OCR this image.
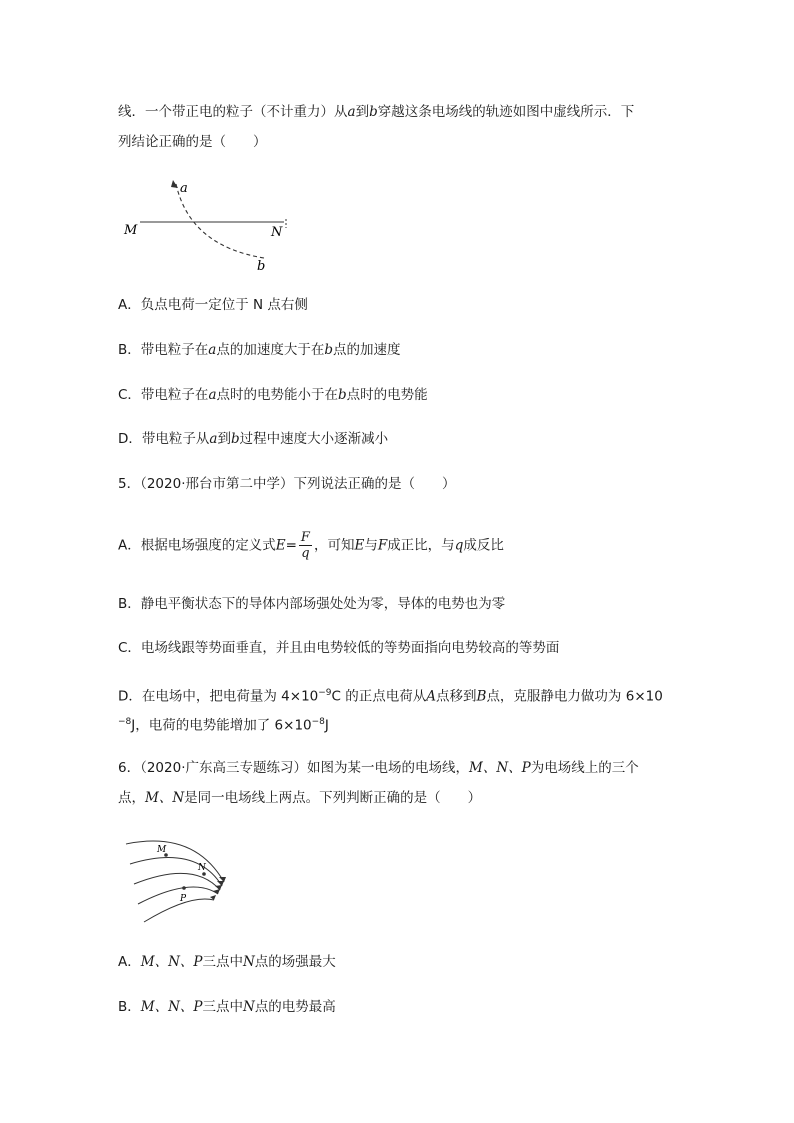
线．一个带正电的粒子（不计重力）从a到b穿越这条电场线的轨迹如图中虚线所示．下
列结论正确的是（　　）
a
M	N
b
A．负点电荷一定位于 N 点右侧
B．带电粒子在a点的加速度大于在b点的加速度
C．带电粒子在a点时的电势能小于在b点时的电势能
D．带电粒子从a到b过程中速度大小逐渐减小
5．（2020·邢台市第二中学）下列说法正确的是（　　）
A．根据电场强度的定义式$E= \frac{F}{q}$ ，可知E与F成正比，与q成反比
B．静电平衡状态下的导体内部场强处处为零，导体的电势也为零
C．电场线跟等势面垂直，并且由电势较低的等势面指向电势较高的等势面
D．在电场中，把电荷量为 $4\times 10^{-9}C$ 的正点电荷从A点移到B点，克服静电力做功为 6×10
$^{-8}$J，电荷的电势能增加了 $6\times 10^{-8}J$
6．（2020·广东高三专题练习）如图为某一电场的电场线，M、N、P为电场线上的三个
点，M、N是同一电场线上两点。下列判断正确的是（　　）
M
N
P
A．M、N、P三点中N点的场强最大
B．M、N、P三点中N点的电势最高
